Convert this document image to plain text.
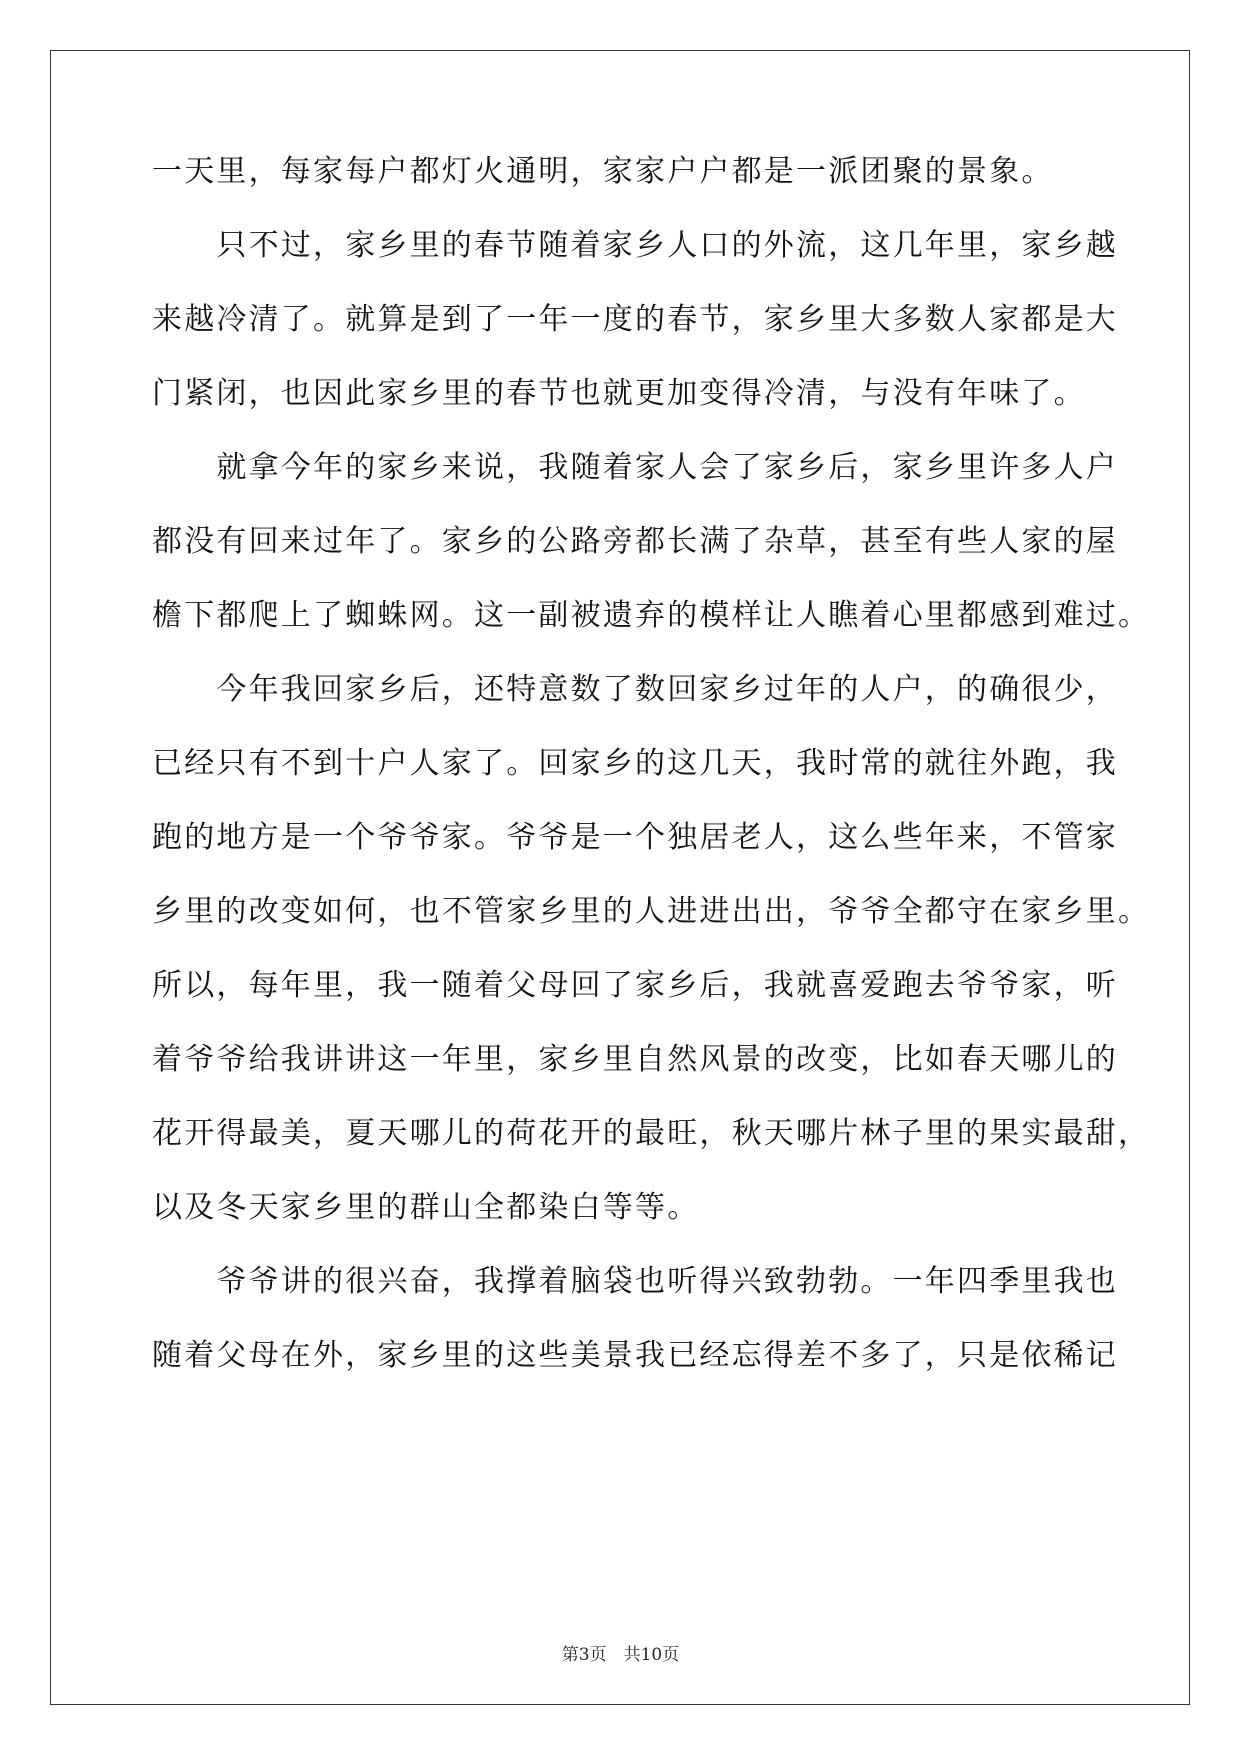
一天里，每家每户都灯火通明，家家户户都是一派团聚的景象。
　　只不过，家乡里的春节随着家乡人口的外流，这几年里，家乡越
来越冷清了。就算是到了一年一度的春节，家乡里大多数人家都是大
门紧闭，也因此家乡里的春节也就更加变得冷清，与没有年味了。
　　就拿今年的家乡来说，我随着家人会了家乡后，家乡里许多人户
都没有回来过年了。家乡的公路旁都长满了杂草，甚至有些人家的屋
檐下都爬上了蜘蛛网。这一副被遗弃的模样让人瞧着心里都感到难过。
　　今年我回家乡后，还特意数了数回家乡过年的人户，的确很少，
已经只有不到十户人家了。回家乡的这几天，我时常的就往外跑，我
跑的地方是一个爷爷家。爷爷是一个独居老人，这么些年来，不管家
乡里的改变如何，也不管家乡里的人进进出出，爷爷全都守在家乡里。
所以，每年里，我一随着父母回了家乡后，我就喜爱跑去爷爷家，听
着爷爷给我讲讲这一年里，家乡里自然风景的改变，比如春天哪儿的
花开得最美，夏天哪儿的荷花开的最旺，秋天哪片林子里的果实最甜，
以及冬天家乡里的群山全都染白等等。
　　爷爷讲的很兴奋，我撑着脑袋也听得兴致勃勃。一年四季里我也
随着父母在外，家乡里的这些美景我已经忘得差不多了，只是依稀记
第3页　共10页
